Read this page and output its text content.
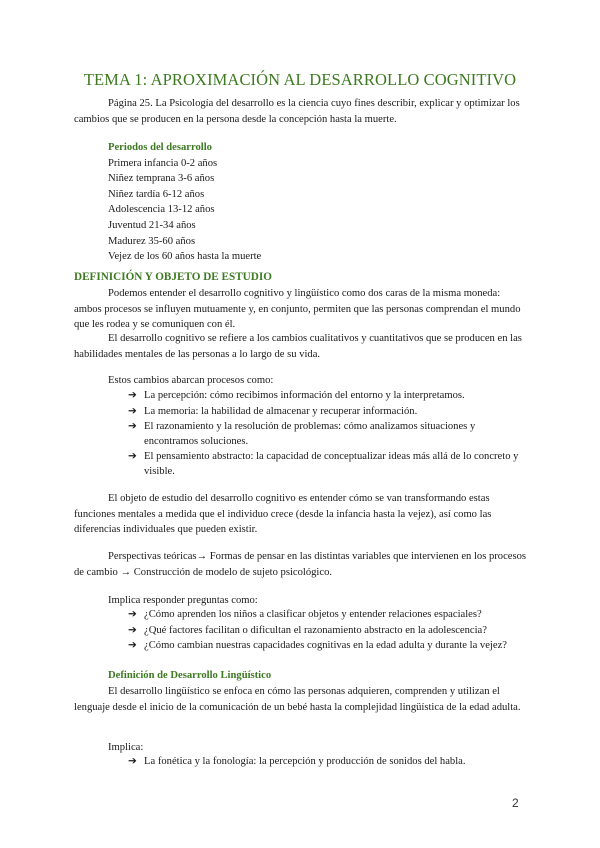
TEMA 1: APROXIMACIÓN AL DESARROLLO COGNITIVO

Página 25. La Psicología del desarrollo es la ciencia cuyo fines describir, explicar y optimizar los cambios que se producen en la persona desde la concepción hasta la muerte.

Periodos del desarrollo
Primera infancia 0-2 años
Niñez temprana 3-6 años
Niñez tardía 6-12 años
Adolescencia 13-12 años
Juventud 21-34 años
Madurez 35-60 años
Vejez de los 60 años hasta la muerte
DEFINICIÓN Y OBJETO DE ESTUDIO

Podemos entender el desarrollo cognitivo y lingüístico como dos caras de la misma moneda: ambos procesos se influyen mutuamente y, en conjunto, permiten que las personas comprendan el mundo que les rodea y se comuniquen con él.

El desarrollo cognitivo se refiere a los cambios cualitativos y cuantitativos que se producen en las habilidades mentales de las personas a lo largo de su vida.

Estos cambios abarcan procesos como:

➔ La percepción: cómo recibimos información del entorno y la interpretamos.
➔ La memoria: la habilidad de almacenar y recuperar información.
➔ El razonamiento y la resolución de problemas: cómo analizamos situaciones y encontramos soluciones.
➔ El pensamiento abstracto: la capacidad de conceptualizar ideas más allá de lo concreto y visible.

El objeto de estudio del desarrollo cognitivo es entender cómo se van transformando estas funciones mentales a medida que el individuo crece (desde la infancia hasta la vejez), así como las diferencias individuales que pueden existir.

Perspectivas teóricas→ Formas de pensar en las distintas variables que intervienen en los procesos de cambio → Construcción de modelo de sujeto psicológico.

Implica responder preguntas como:

➔ ¿Cómo aprenden los niños a clasificar objetos y entender relaciones espaciales?
➔ ¿Qué factores facilitan o dificultan el razonamiento abstracto en la adolescencia?
➔ ¿Cómo cambian nuestras capacidades cognitivas en la edad adulta y durante la vejez?
Definición de Desarrollo Lingüístico

El desarrollo lingüístico se enfoca en cómo las personas adquieren, comprenden y utilizan el lenguaje desde el inicio de la comunicación de un bebé hasta la complejidad lingüística de la edad adulta.

Implica:

➔ La fonética y la fonología: la percepción y producción de sonidos del habla.
2
